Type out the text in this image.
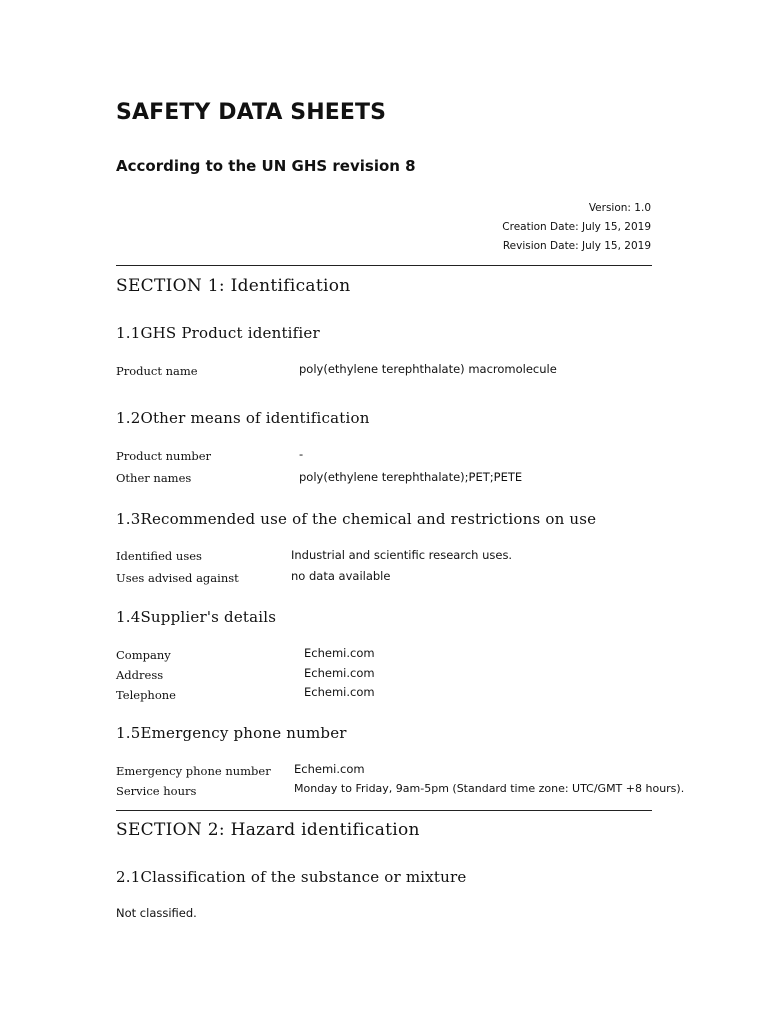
SAFETY DATA SHEETS
According to the UN GHS revision 8
Version: 1.0
Creation Date: July 15, 2019
Revision Date: July 15, 2019
SECTION 1: Identification
1.1GHS Product identifier
Product name	poly(ethylene terephthalate) macromolecule
1.2Other means of identification
Product number	-
Other names	poly(ethylene terephthalate);PET;PETE
1.3Recommended use of the chemical and restrictions on use
Identified uses	Industrial and scientific research uses.
Uses advised against	no data available
1.4Supplier's details
Company	Echemi.com
Address	Echemi.com
Telephone	Echemi.com
1.5Emergency phone number
Emergency phone number Echemi.com
Service hours	Monday to Friday, 9am-5pm (Standard time zone: UTC/GMT +8 hours).
SECTION 2: Hazard identification
2.1Classification of the substance or mixture
Not classified.
